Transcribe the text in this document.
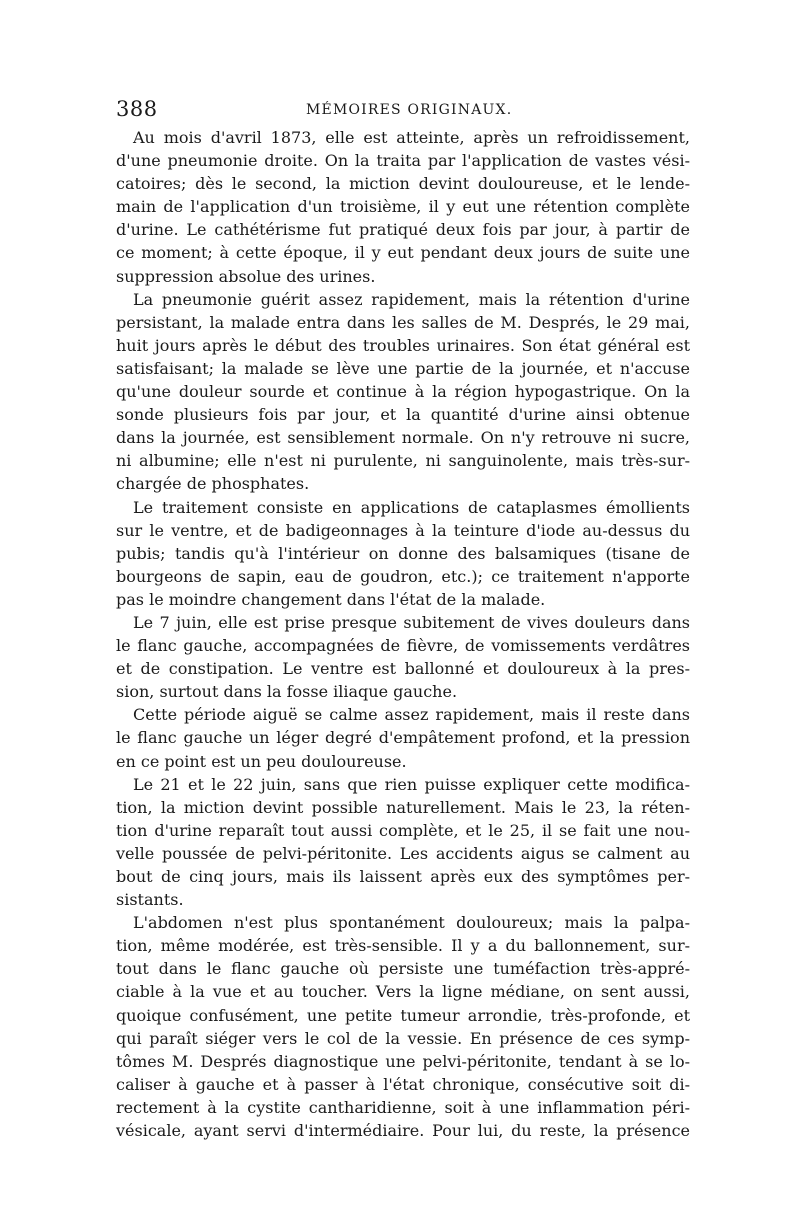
388	MÉMOIRES ORIGINAUX.
Au mois d'avril 1873, elle est atteinte, après un refroidissement,
d'une pneumonie droite. On la traita par l'application de vastes vési-
catoires; dès le second, la miction devint douloureuse, et le lende-
main de l'application d'un troisième, il y eut une rétention complète
d'urine. Le cathétérisme fut pratiqué deux fois par jour, à partir de
ce moment; à cette époque, il y eut pendant deux jours de suite une
suppression absolue des urines.
La pneumonie guérit assez rapidement, mais la rétention d'urine
persistant, la malade entra dans les salles de M. Després, le 29 mai,
huit jours après le début des troubles urinaires. Son état général est
satisfaisant; la malade se lève une partie de la journée, et n'accuse
qu'une douleur sourde et continue à la région hypogastrique. On la
sonde plusieurs fois par jour, et la quantité d'urine ainsi obtenue
dans la journée, est sensiblement normale. On n'y retrouve ni sucre,
ni albumine; elle n'est ni purulente, ni sanguinolente, mais très-sur-
chargée de phosphates.
Le traitement consiste en applications de cataplasmes émollients
sur le ventre, et de badigeonnages à la teinture d'iode au-dessus du
pubis; tandis qu'à l'intérieur on donne des balsamiques (tisane de
bourgeons de sapin, eau de goudron, etc.); ce traitement n'apporte
pas le moindre changement dans l'état de la malade.
Le 7 juin, elle est prise presque subitement de vives douleurs dans
le flanc gauche, accompagnées de fièvre, de vomissements verdâtres
et de constipation. Le ventre est ballonné et douloureux à la pres-
sion, surtout dans la fosse iliaque gauche.
Cette période aiguë se calme assez rapidement, mais il reste dans
le flanc gauche un léger degré d'empâtement profond, et la pression
en ce point est un peu douloureuse.
Le 21 et le 22 juin, sans que rien puisse expliquer cette modifica-
tion, la miction devint possible naturellement. Mais le 23, la réten-
tion d'urine reparaît tout aussi complète, et le 25, il se fait une nou-
velle poussée de pelvi-péritonite. Les accidents aigus se calment au
bout de cinq jours, mais ils laissent après eux des symptômes per-
sistants.
L'abdomen n'est plus spontanément douloureux; mais la palpa-
tion, même modérée, est très-sensible. Il y a du ballonnement, sur-
tout dans le flanc gauche où persiste une tuméfaction très-appré-
ciable à la vue et au toucher. Vers la ligne médiane, on sent aussi,
quoique confusément, une petite tumeur arrondie, très-profonde, et
qui paraît siéger vers le col de la vessie. En présence de ces symp-
tômes M. Després diagnostique une pelvi-péritonite, tendant à se lo-
caliser à gauche et à passer à l'état chronique, consécutive soit di-
rectement à la cystite cantharidienne, soit à une inflammation péri-
vésicale, ayant servi d'intermédiaire. Pour lui, du reste, la présence
